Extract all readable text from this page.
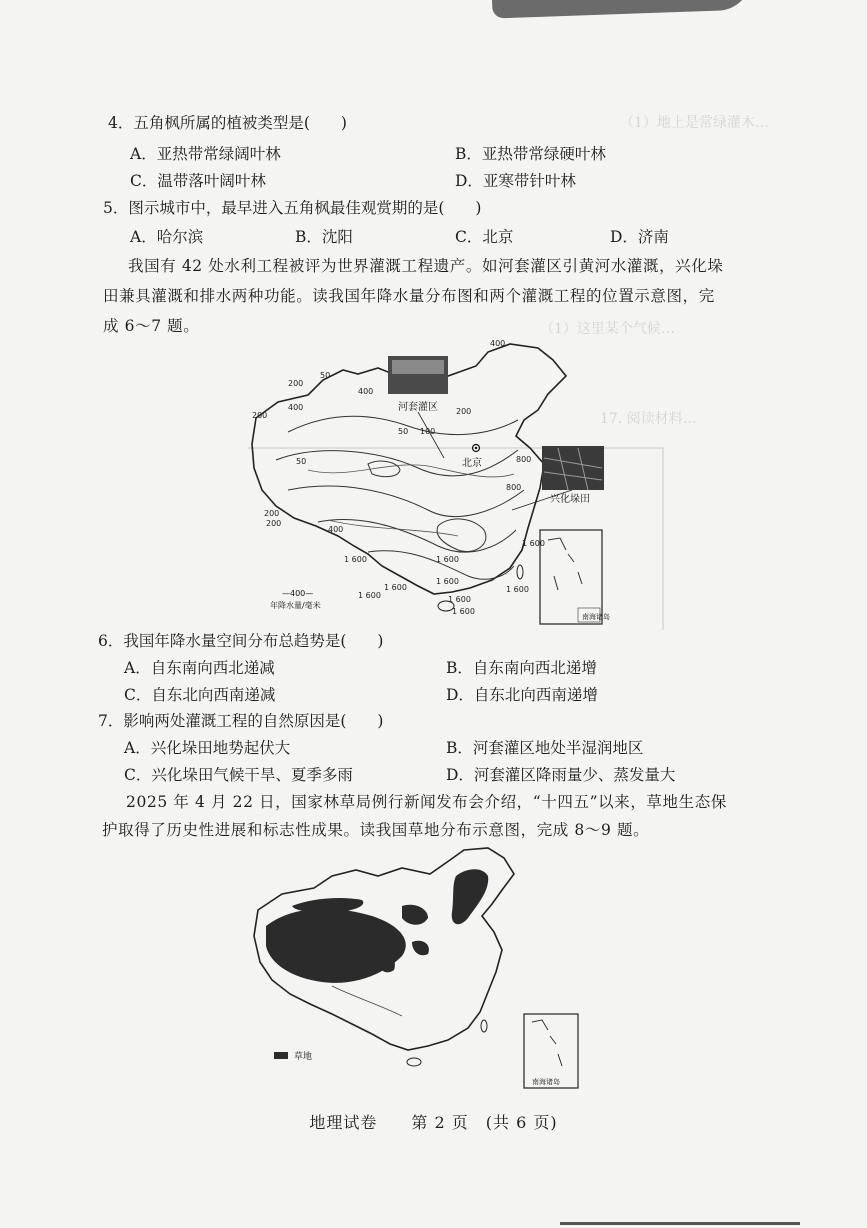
（1）地上是常绿灌木…
（1）这里某个气候…
17. 阅读材料…
4．五角枫所属的植被类型是(　　)
A．亚热带常绿阔叶林	B．亚热带常绿硬叶林
C．温带落叶阔叶林	D．亚寒带针叶林
5．图示城市中，最早进入五角枫最佳观赏期的是(　　)
A．哈尔滨	B．沈阳	C．北京	D．济南
我国有 42 处水利工程被评为世界灌溉工程遗产。如河套灌区引黄河水灌溉，兴化垛
田兼具灌溉和排水两种功能。读我国年降水量分布图和两个灌溉工程的位置示意图，完
成 6～7 题。
200
400
400
50
50
50
100
200
400
800
800
200
400
200
200
1 600	1 600
1 600
1 600
1 600
1 600
1 600	1 600
1 600
河套灌区
北京
兴化垛田
南海诸岛
—400—
年降水量/毫米
6．我国年降水量空间分布总趋势是(　　)
A．自东南向西北递减	B．自东南向西北递增
C．自东北向西南递减	D．自东北向西南递增
7．影响两处灌溉工程的自然原因是(　　)
A．兴化垛田地势起伏大	B．河套灌区地处半湿润地区
C．兴化垛田气候干旱、夏季多雨	D．河套灌区降雨量少、蒸发量大
2025 年 4 月 22 日，国家林草局例行新闻发布会介绍，“十四五”以来，草地生态保
护取得了历史性进展和标志性成果。读我国草地分布示意图，完成 8～9 题。
南海诸岛
草地
地理试卷　　第 2 页　(共 6 页)
